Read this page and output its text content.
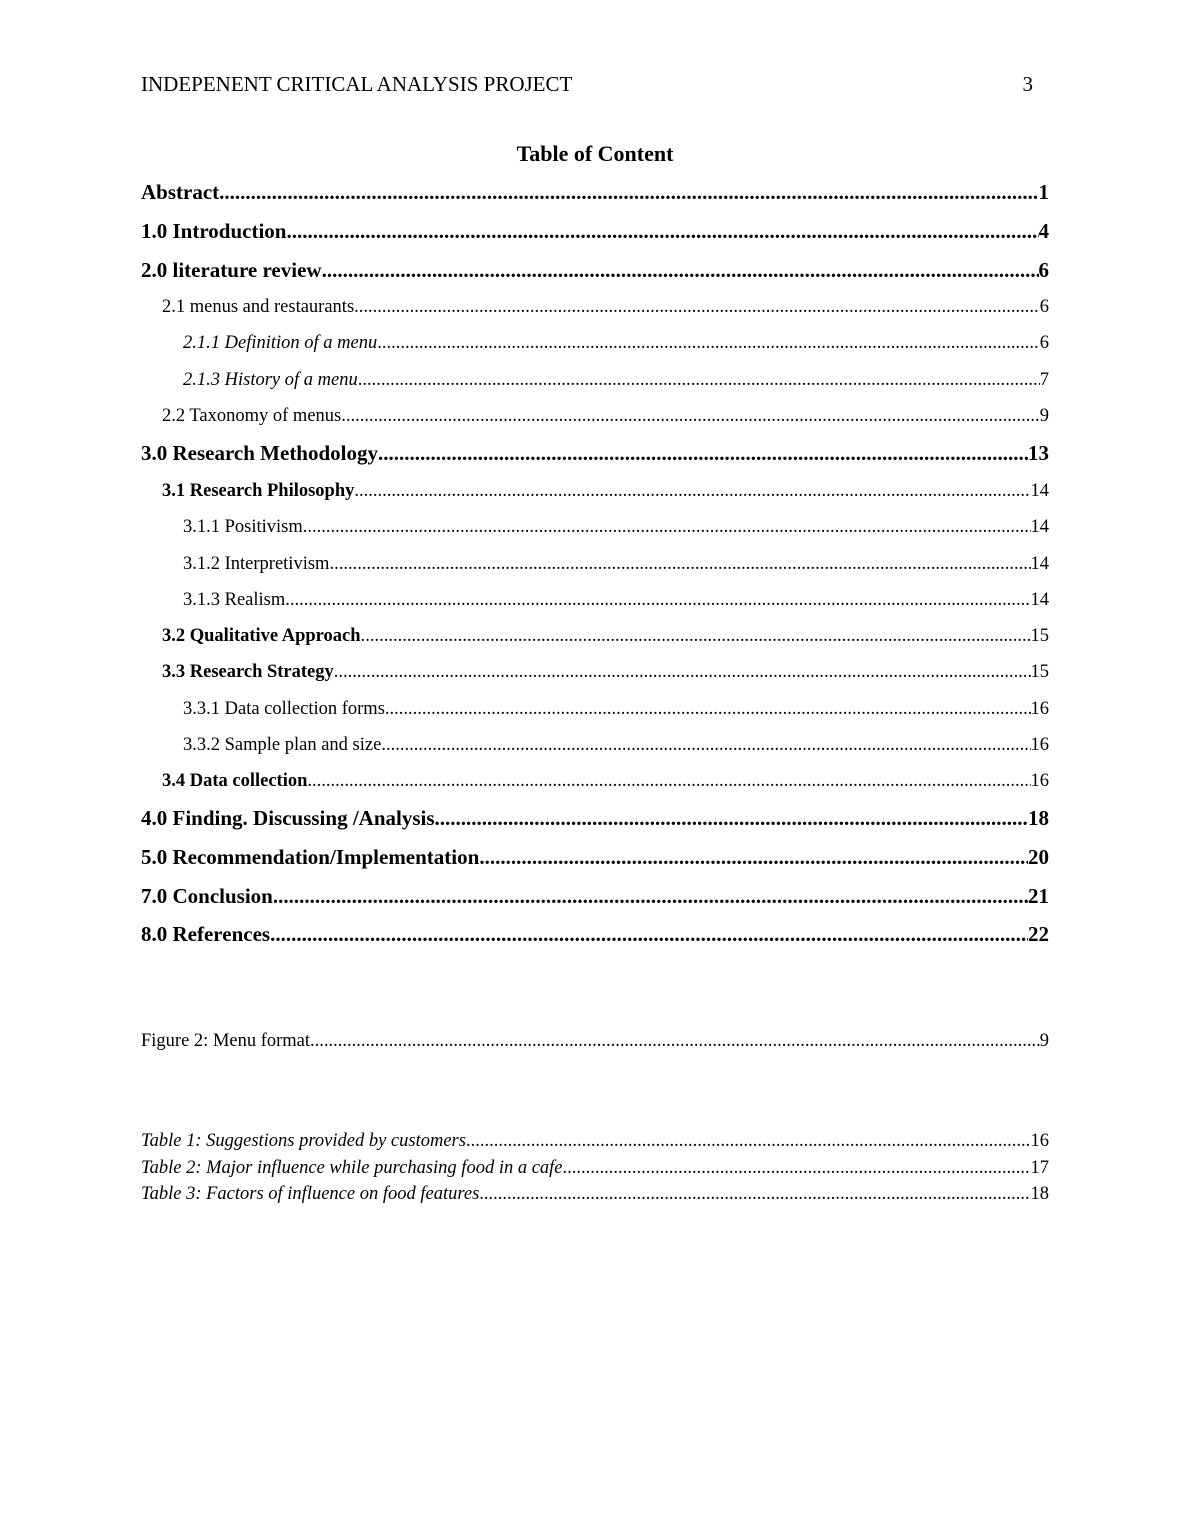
INDEPENENT CRITICAL ANALYSIS PROJECT	3
Table of Content
Abstract .....	1
1.0 Introduction .....	4
2.0 literature review .....	6
2.1 menus and restaurants .....	6
2.1.1 Definition of a menu .....	6
2.1.3 History of a menu .....	7
2.2 Taxonomy of menus .....	9
3.0 Research Methodology .....	13
3.1 Research Philosophy .....	14
3.1.1 Positivism .....	14
3.1.2 Interpretivism .....	14
3.1.3 Realism .....	14
3.2 Qualitative Approach .....	15
3.3 Research Strategy .....	15
3.3.1 Data collection forms .....	16
3.3.2 Sample plan and size .....	16
3.4 Data collection .....	16
4.0 Finding. Discussing /Analysis .....	18
5.0 Recommendation/Implementation .....	20
7.0 Conclusion .....	21
8.0 References .....	22
Figure 2: Menu format .....	9
Table 1: Suggestions provided by customers .....	16
Table 2: Major influence while purchasing food in a cafe .....	17
Table 3: Factors of influence on food features .....	18
